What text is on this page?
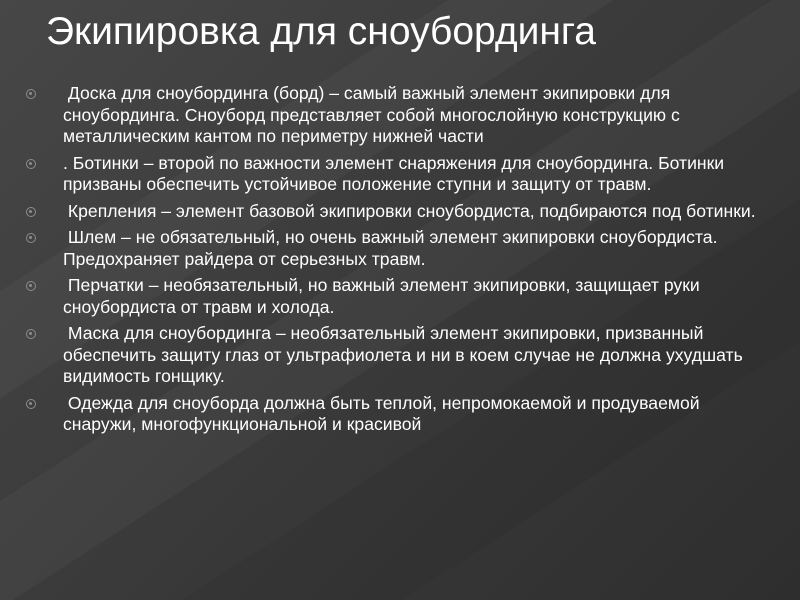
Экипировка для сноубординга
Доска для сноубординга (борд) – самый важный элемент экипировки для сноубординга. Сноуборд представляет собой многослойную конструкцию с металлическим кантом по периметру нижней части
. Ботинки – второй по важности элемент снаряжения для сноубординга. Ботинки призваны обеспечить устойчивое положение ступни и защиту от травм.
Крепления – элемент базовой экипировки сноубордиста, подбираются под ботинки.
Шлем – не обязательный, но очень важный элемент экипировки сноубордиста. Предохраняет райдера от серьезных травм.
Перчатки – необязательный, но важный элемент экипировки, защищает руки сноубордиста от травм и холода.
Маска для сноубординга – необязательный элемент экипировки, призванный обеспечить защиту глаз от ультрафиолета и ни в коем случае не должна ухудшать видимость гонщику.
Одежда для сноуборда должна быть теплой, непромокаемой и продуваемой снаружи, многофункциональной и красивой
